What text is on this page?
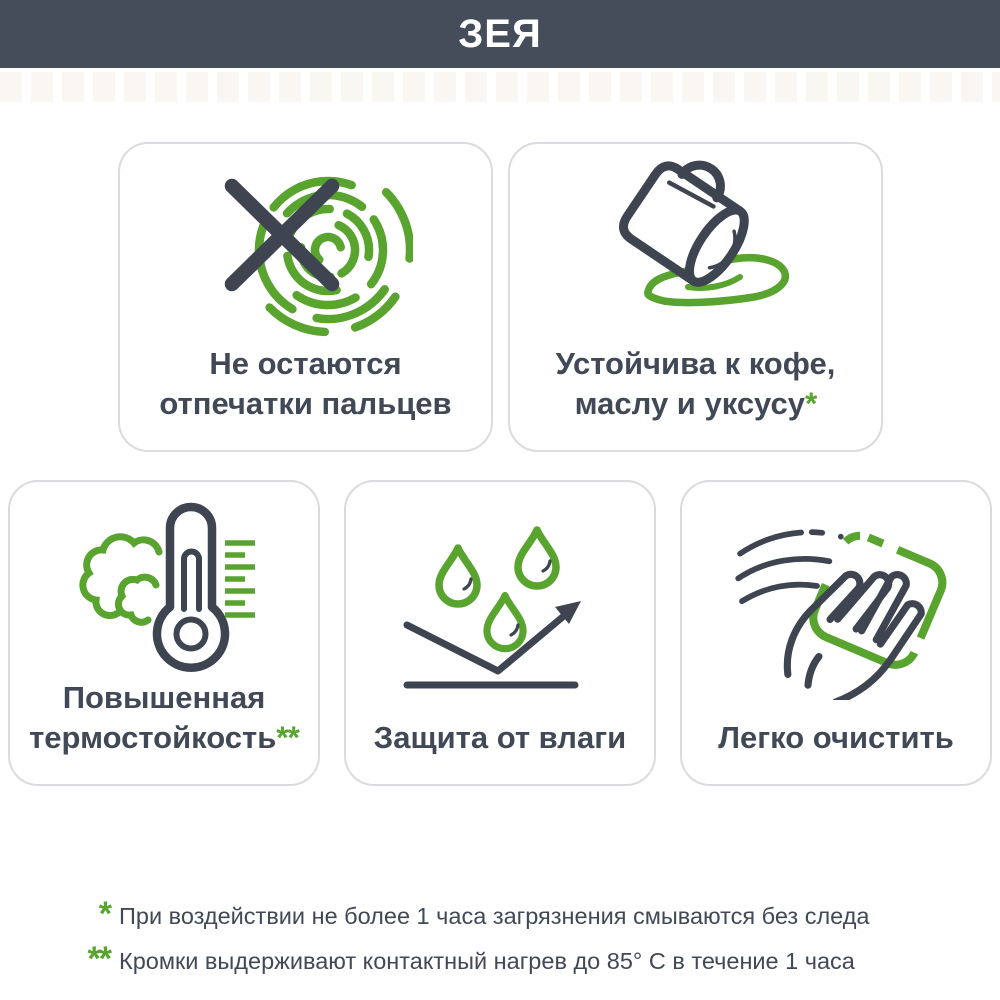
ЗЕЯ
Не остаются
отпечатки пальцев
Устойчива к кофе,
маслу и уксусу*
Повышенная
термостойкость** Защита от влаги	Легко очистить
* При воздействии не более 1 часа загрязнения смываются без следа
** Кромки выдерживают контактный нагрев до 85° С в течение 1 часа
